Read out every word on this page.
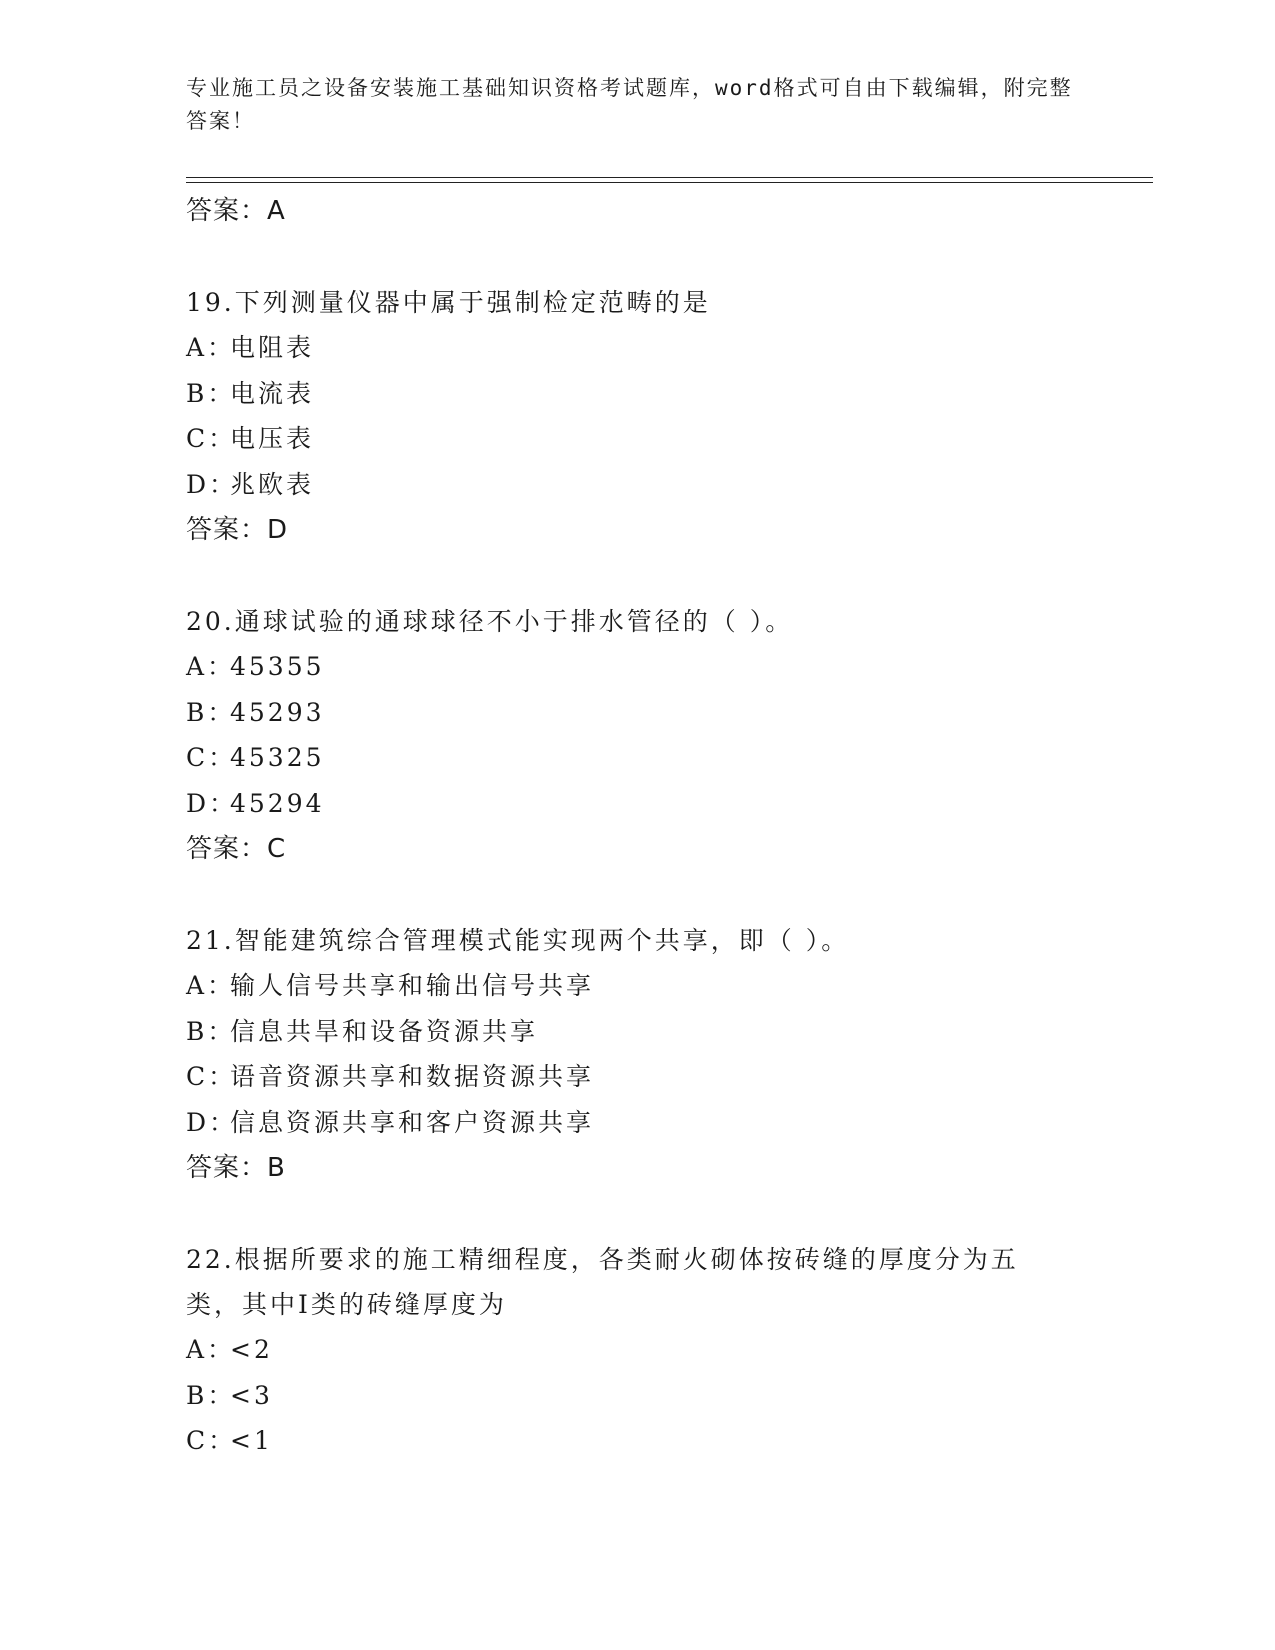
专业施工员之设备安装施工基础知识资格考试题库，word格式可自由下载编辑，附完整答案！
答案：A
19.下列测量仪器中属于强制检定范畴的是
A：电阻表
B：电流表
C：电压表
D：兆欧表
答案：D
20.通球试验的通球球径不小于排水管径的（ ）。
A：45355
B：45293
C：45325
D：45294
答案：C
21.智能建筑综合管理模式能实现两个共享，即（ ）。
A：输人信号共享和输出信号共享
B：信息共旱和设备资源共享
C：语音资源共享和数据资源共享
D：信息资源共享和客户资源共享
答案：B
22.根据所要求的施工精细程度，各类耐火砌体按砖缝的厚度分为五类，其中Ⅰ类的砖缝厚度为
A：<2
B：<3
C：<1
